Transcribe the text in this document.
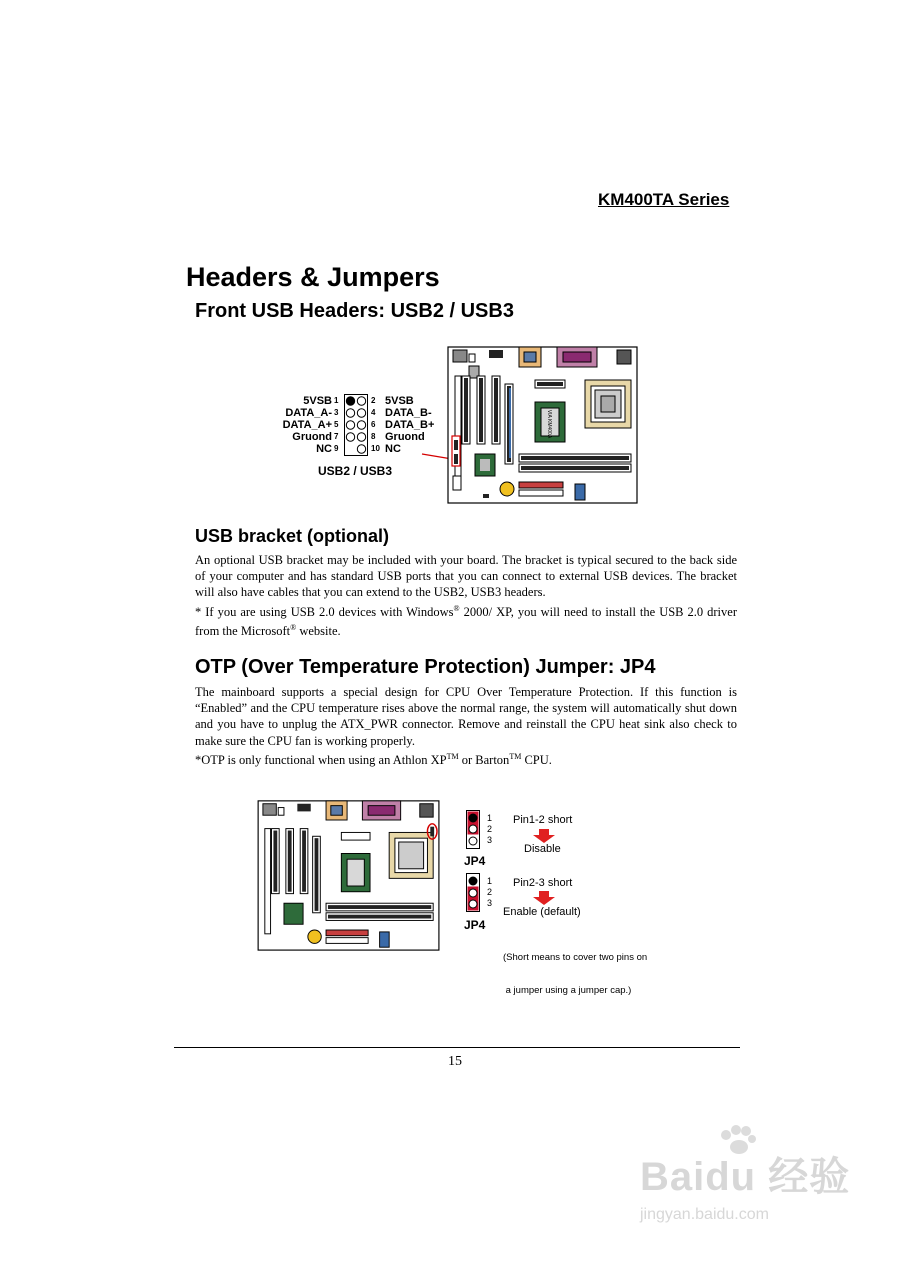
KM400TA Series
Headers & Jumpers
Front USB Headers: USB2 / USB3
5VSB
DATA_A-
DATA_A+
Gruond
NC
1
3
5
7
9
2
4
6
8
10
5VSB
DATA_B-
DATA_B+
Gruond
NC
USB2 / USB3
VIA KM400A
USB bracket (optional)

An optional USB bracket may be included with your board. The bracket is typical secured to the back side of your computer and has standard USB ports that you can connect to external USB devices. The bracket will also have cables that you can extend to the USB2, USB3 headers.

* If you are using USB 2.0 devices with Windows® 2000/ XP, you will need to install the USB 2.0 driver from the Microsoft® website.

OTP (Over Temperature Protection) Jumper: JP4

The mainboard supports a special design for CPU Over Temperature Protection. If this function is “Enabled” and the CPU temperature rises above the normal range, the system will automatically shut down and you have to unplug the ATX_PWR connector. Remove and reinstall the CPU heat sink also check to make sure the CPU fan is working properly.

*OTP is only functional when using an Athlon XP™ or Barton™ CPU.

1
2
3
JP4
Pin1-2 short
Disable
1
2
3
JP4
Pin2-3 short
Enable (default)

(Short means to cover two pins on

a jumper using a jumper cap.)

15
Baidu 经验
jingyan.baidu.com
